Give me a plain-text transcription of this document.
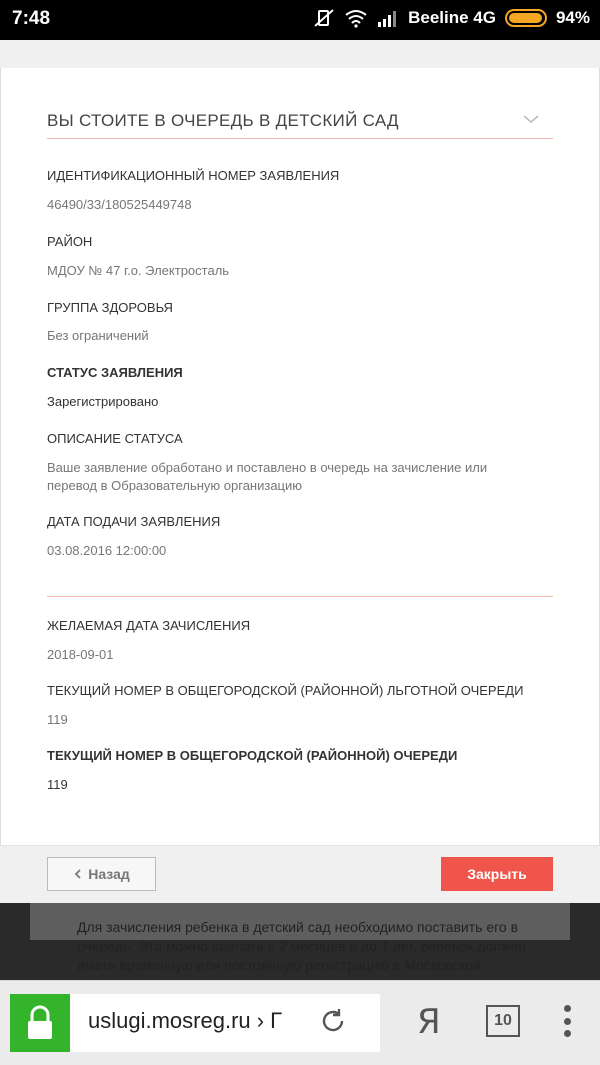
7:48	Beeline 4G	94%
Для зачисления ребенка в детский сад необходимо поставить его в очередь. Это можно сделать с 2 месяцев и до 7 лет, ребенок должен иметь временную или постоянную регистрацию в Московской
ВЫ СТОИТЕ В ОЧЕРЕДЬ В ДЕТСКИЙ САД
ИДЕНТИФИКАЦИОННЫЙ НОМЕР ЗАЯВЛЕНИЯ
46490/33/180525449748
РАЙОН
МДОУ № 47 г.о. Электросталь
ГРУППА ЗДОРОВЬЯ
Без ограничений
СТАТУС ЗАЯВЛЕНИЯ
Зарегистрировано
ОПИСАНИЕ СТАТУСА
Ваше заявление обработано и поставлено в очередь на зачисление или перевод в Образовательную организацию
ДАТА ПОДАЧИ ЗАЯВЛЕНИЯ
03.08.2016 12:00:00
ЖЕЛАЕМАЯ ДАТА ЗАЧИСЛЕНИЯ
2018-09-01
ТЕКУЩИЙ НОМЕР В ОБЩЕГОРОДСКОЙ (РАЙОННОЙ) ЛЬГОТНОЙ ОЧЕРЕДИ
119
ТЕКУЩИЙ НОМЕР В ОБЩЕГОРОДСКОЙ (РАЙОННОЙ) ОЧЕРЕДИ
119
Назад	Закрыть
uslugi.mosreg.ru › Г	Я	10
